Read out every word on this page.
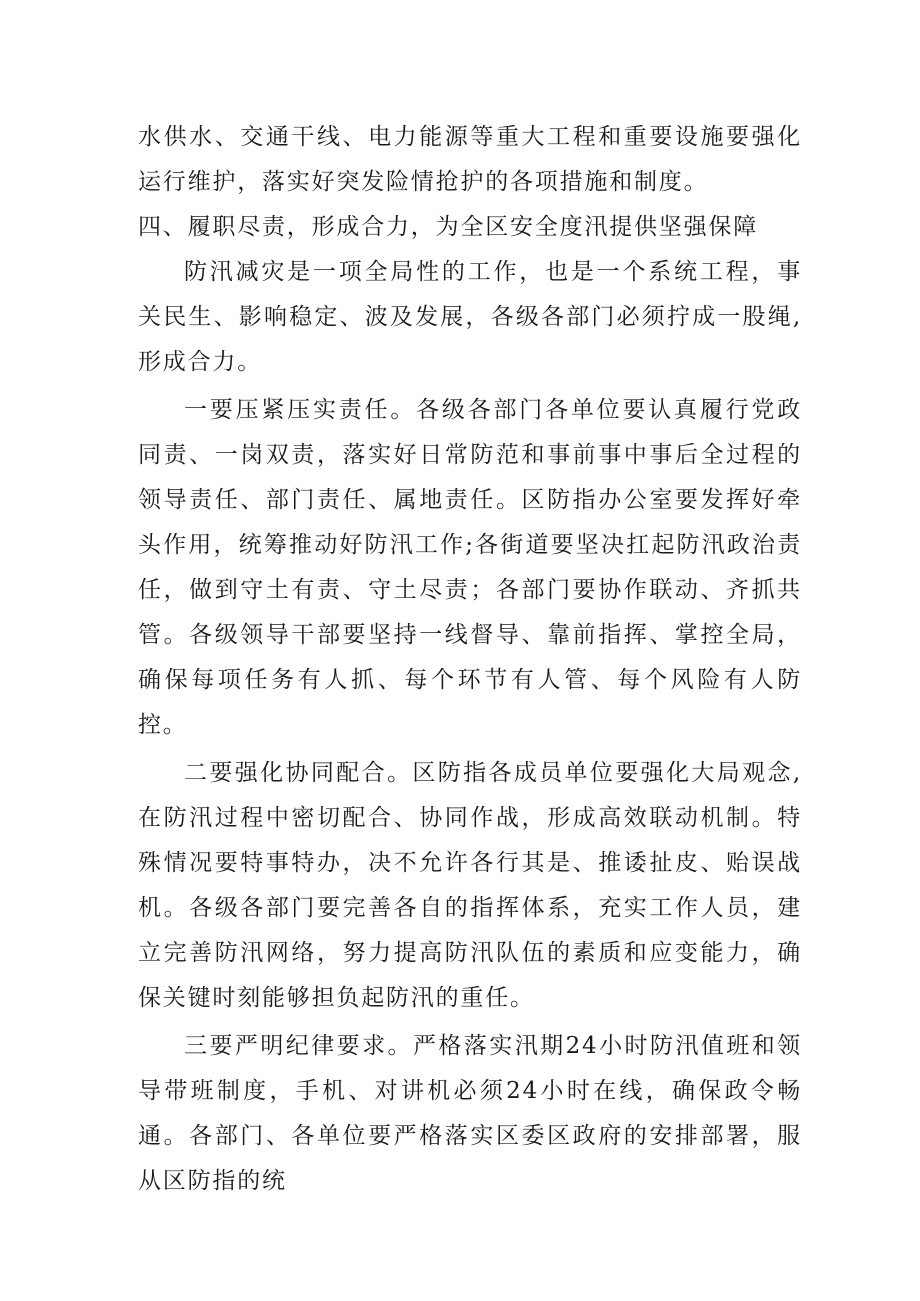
水供水、交通干线、电力能源等重大工程和重要设施要强化运行维护，落实好突发险情抢护的各项措施和制度。

四、履职尽责，形成合力，为全区安全度汛提供坚强保障

防汛减灾是一项全局性的工作，也是一个系统工程，事关民生、影响稳定、波及发展，各级各部门必须拧成一股绳,形成合力。

一要压紧压实责任。各级各部门各单位要认真履行党政同责、一岗双责，落实好日常防范和事前事中事后全过程的领导责任、部门责任、属地责任。区防指办公室要发挥好牵头作用，统筹推动好防汛工作;各街道要坚决扛起防汛政治责任，做到守土有责、守土尽责；各部门要协作联动、齐抓共管。各级领导干部要坚持一线督导、靠前指挥、掌控全局，确保每项任务有人抓、每个环节有人管、每个风险有人防控。

二要强化协同配合。区防指各成员单位要强化大局观念,在防汛过程中密切配合、协同作战，形成高效联动机制。特殊情况要特事特办，决不允许各行其是、推诿扯皮、贻误战机。各级各部门要完善各自的指挥体系，充实工作人员，建立完善防汛网络，努力提高防汛队伍的素质和应变能力，确保关键时刻能够担负起防汛的重任。

三要严明纪律要求。严格落实汛期24小时防汛值班和领导带班制度，手机、对讲机必须24小时在线，确保政令畅通。各部门、各单位要严格落实区委区政府的安排部署，服从区防指的统
